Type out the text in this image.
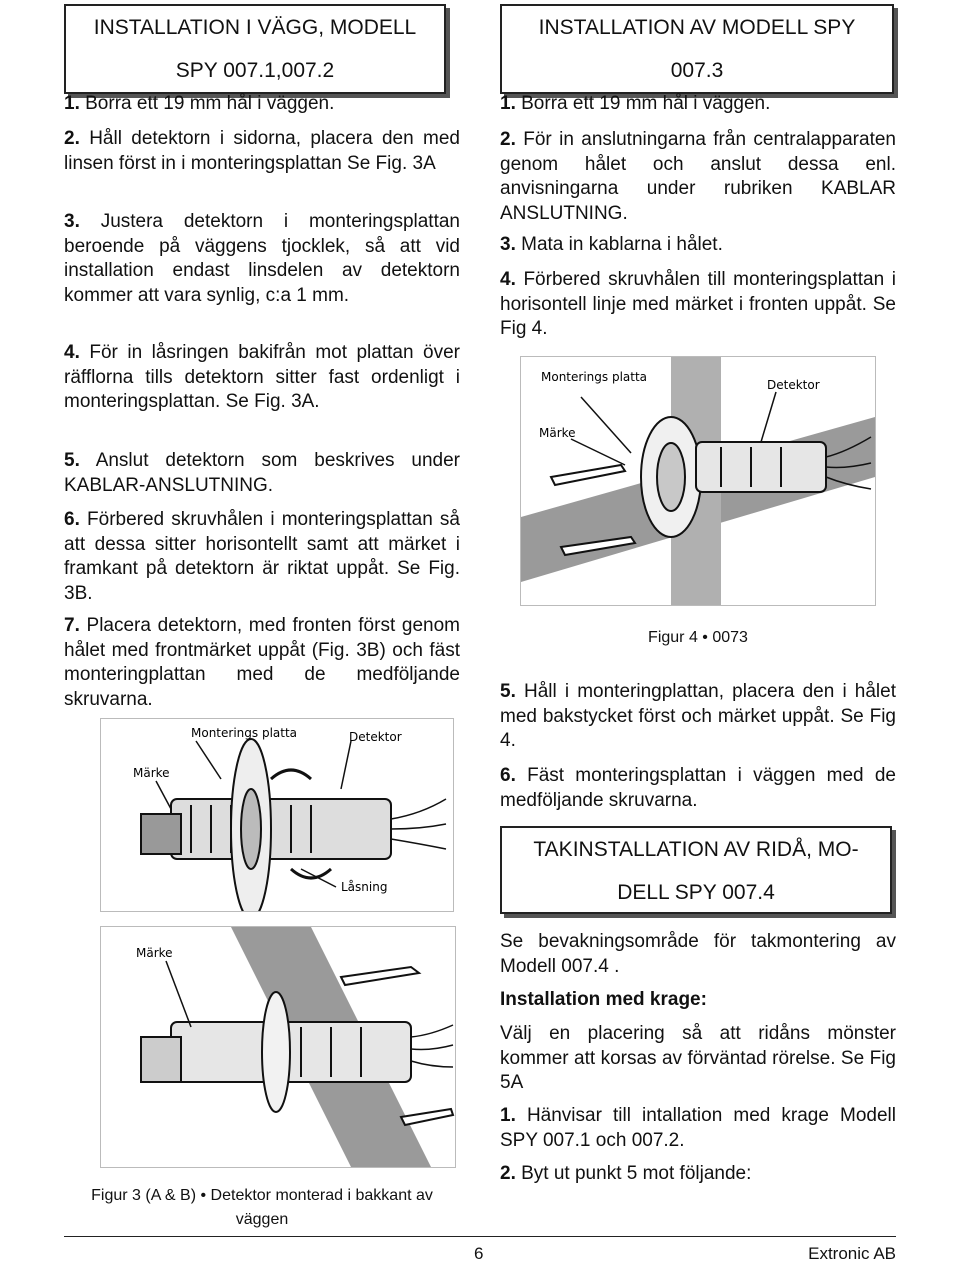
INSTALLATION I VÄGG, MODELL
SPY 007.1,007.2

1. Borra ett 19 mm hål i väggen.

2. Håll detektorn i sidorna, placera den med linsen först in i monteringsplattan Se Fig. 3A

3. Justera detektorn i monteringsplattan beroende på väggens tjocklek, så att vid installation endast linsdelen av detektorn kommer att vara synlig, c:a 1 mm.

4. För in låsringen bakifrån mot plattan över räfflorna tills detektorn sitter fast ordenligt i monteringsplattan. Se Fig. 3A.

5. Anslut detektorn som beskrives under KABLAR-ANSLUTNING.

6. Förbered skruvhålen i monteringsplattan så att dessa sitter horisontellt samt att märket i framkant på detektorn är riktat uppåt. Se Fig. 3B.

7. Placera detektorn, med fronten först genom hålet med frontmärket uppåt (Fig. 3B) och fäst monteringplattan med de medföljande skruvarna.

Monterings platta	Detektor
Märke
Låsning
Märke
Figur 3 (A & B) • Detektor monterad i bakkant av väggen
INSTALLATION AV MODELL SPY
007.3

1. Borra ett 19 mm hål i väggen.

2. För in anslutningarna från centralapparaten genom hålet och anslut dessa enl. anvisningarna under rubriken KABLAR ANSLUTNING.

3. Mata in kablarna i hålet.

4. Förbered skruvhålen till monteringsplattan i horisontell linje med märket i fronten uppåt. Se Fig 4.

Monterings platta
Detektor
Märke
Figur 4 • 0073

5. Håll i monteringplattan, placera den i hålet med bakstycket först och märket uppåt. Se Fig 4.

6. Fäst monteringsplattan i väggen med de medföljande skruvarna.

TAKINSTALLATION AV RIDÅ, MO-
DELL SPY 007.4

Se bevakningsområde för takmontering av Modell 007.4 .

Installation med krage:

Välj en placering så att ridåns mönster kommer att korsas av förväntad rörelse. Se Fig 5A

1. Hänvisar till intallation med krage Modell SPY 007.1 och 007.2.

2. Byt ut punkt 5 mot följande:

6	Extronic AB
